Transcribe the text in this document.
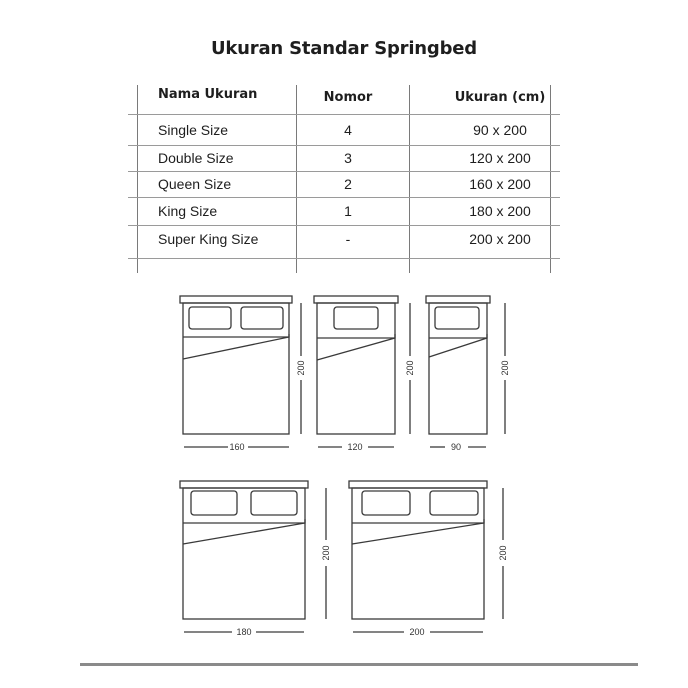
Ukuran Standar Springbed
Nama Ukuran	Nomor	Ukuran (cm)
Single Size	4	90 x 200
Double Size	3	120 x 200
Queen Size	2	160 x 200
King Size	1	180 x 200
Super King Size	-	200 x 200
160
200
120
200
90
200
180
200
200
200
